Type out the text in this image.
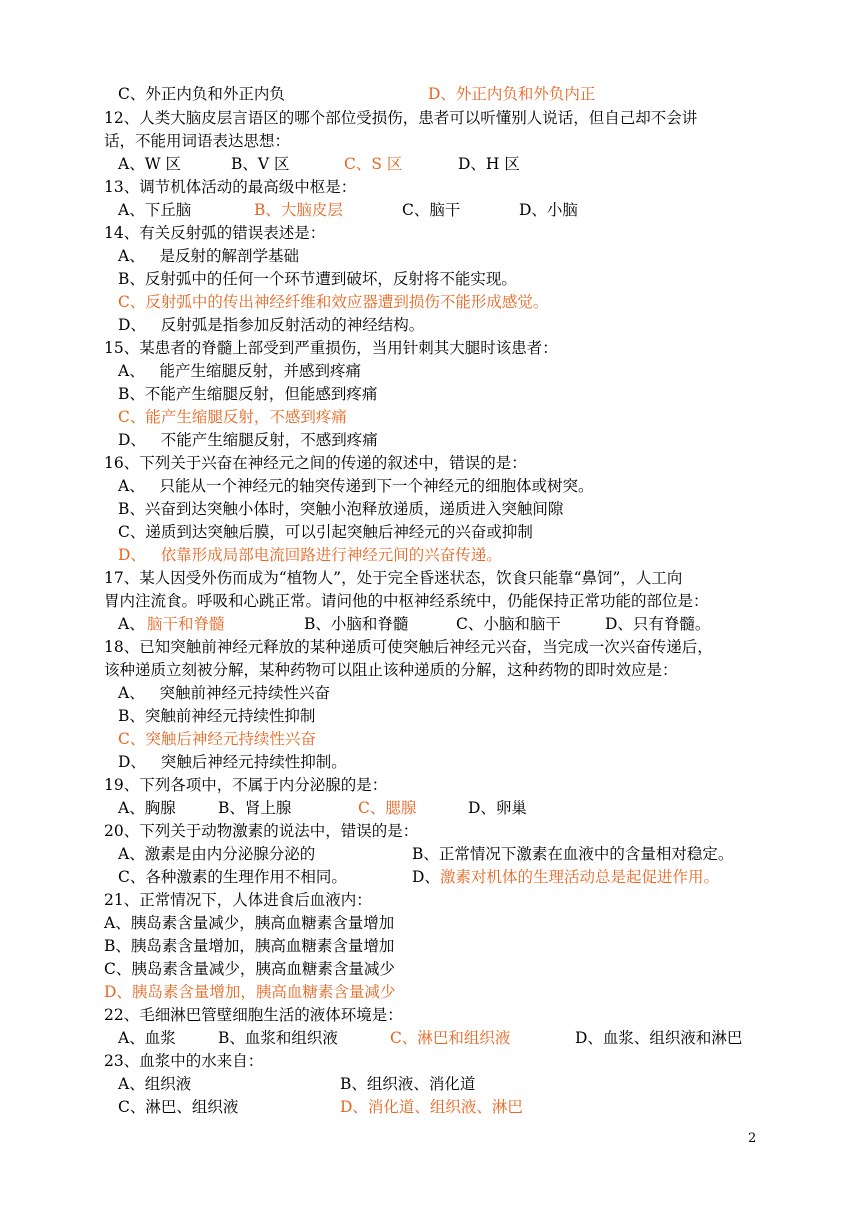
C、外正内负和外正内负	D、外正内负和外负内正
12、人类大脑皮层言语区的哪个部位受损伤，患者可以听懂别人说话，但自己却不会讲
话，不能用词语表达思想：
A、W 区	B、V 区	C、S 区	D、H 区
13、调节机体活动的最高级中枢是：
A、下丘脑	B、大脑皮层	C、脑干	D、小脑
14、有关反射弧的错误表述是：
A、   是反射的解剖学基础
B、反射弧中的任何一个环节遭到破坏，反射将不能实现。
C、反射弧中的传出神经纤维和效应器遭到损伤不能形成感觉。
D、   反射弧是指参加反射活动的神经结构。
15、某患者的脊髓上部受到严重损伤，当用针刺其大腿时该患者：
A、   能产生缩腿反射，并感到疼痛
B、不能产生缩腿反射，但能感到疼痛
C、能产生缩腿反射，不感到疼痛
D、   不能产生缩腿反射，不感到疼痛
16、下列关于兴奋在神经元之间的传递的叙述中，错误的是：
A、   只能从一个神经元的轴突传递到下一个神经元的细胞体或树突。
B、兴奋到达突触小体时，突触小泡释放递质，递质进入突触间隙
C、递质到达突触后膜，可以引起突触后神经元的兴奋或抑制
D、   依靠形成局部电流回路进行神经元间的兴奋传递。
17、某人因受外伤而成为“植物人”，处于完全昏迷状态，饮食只能靠“鼻饲”，人工向
胃内注流食。呼吸和心跳正常。请问他的中枢神经系统中，仍能保持正常功能的部位是：
A、 脑干和脊髓	B、小脑和脊髓	C、小脑和脑干	D、只有脊髓。
18、已知突触前神经元释放的某种递质可使突触后神经元兴奋，当完成一次兴奋传递后，
该种递质立刻被分解，某种药物可以阻止该种递质的分解，这种药物的即时效应是：
A、   突触前神经元持续性兴奋
B、突触前神经元持续性抑制
C、突触后神经元持续性兴奋
D、   突触后神经元持续性抑制。
19、下列各项中，不属于内分泌腺的是：
A、胸腺	B、肾上腺	C、腮腺	D、卵巢
20、下列关于动物激素的说法中，错误的是：
A、激素是由内分泌腺分泌的	B、正常情况下激素在血液中的含量相对稳定。
C、各种激素的生理作用不相同。	D、 激素对机体的生理活动总是起促进作用。
21、正常情况下，人体进食后血液内：
A、胰岛素含量减少，胰高血糖素含量增加
B、胰岛素含量增加，胰高血糖素含量增加
C、胰岛素含量减少，胰高血糖素含量减少
D、胰岛素含量增加，胰高血糖素含量减少
22、毛细淋巴管壁细胞生活的液体环境是：
A、血浆	B、血浆和组织液	C、淋巴和组织液	D、血浆、组织液和淋巴
23、血浆中的水来自：
A、组织液	B、组织液、消化道
C、淋巴、组织液	D、消化道、组织液、淋巴
2
